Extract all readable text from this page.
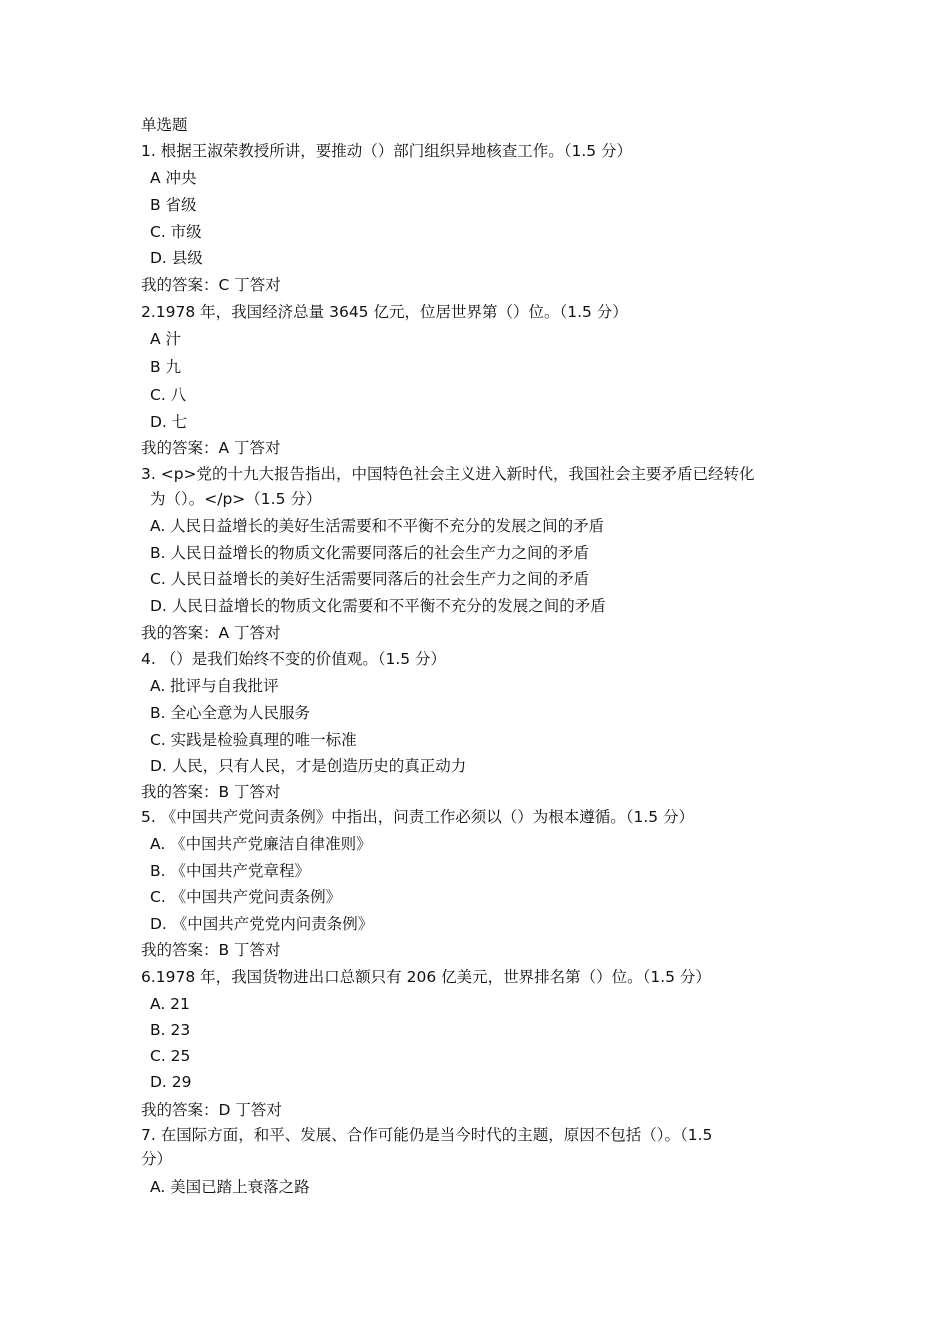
单选题
1. 根据王淑荣教授所讲，要推动（）部门组织异地核查工作。（1.5 分）
A 冲央
B 省级
C. 市级
D. 县级
我的答案：C 丁答对
2.1978 年，我国经济总量 3645 亿元，位居世界第（）位。（1.5 分）
A 汁
B 九
C. 八
D. 七
我的答案：A 丁答对
3. <p>党的十九大报告指出，中国特色社会主义进入新时代，我国社会主要矛盾已经转化
为（）。</p>（1.5 分）
A. 人民日益增长的美好生活需要和不平衡不充分的发展之间的矛盾
B. 人民日益增长的物质文化需要同落后的社会生产力之间的矛盾
C. 人民日益增长的美好生活需要同落后的社会生产力之间的矛盾
D. 人民日益增长的物质文化需要和不平衡不充分的发展之间的矛盾
我的答案：A 丁答对
4. （）是我们始终不变的价值观。（1.5 分）
A. 批评与自我批评
B. 全心全意为人民服务
C. 实践是检验真理的唯一标准
D. 人民，只有人民，才是创造历史的真正动力
我的答案：B 丁答对
5. 《中国共产党问责条例》中指出，问责工作必须以（）为根本遵循。（1.5 分）
A. 《中国共产党廉洁自律准则》
B. 《中国共产党章程》
C. 《中国共产党问责条例》
D. 《中国共产党党内问责条例》
我的答案：B 丁答对
6.1978 年，我国货物进出口总额只有 206 亿美元，世界排名第（）位。（1.5 分）
A. 21
B. 23
C. 25
D. 29
我的答案：D 丁答对
7. 在国际方面，和平、发展、合作可能仍是当今时代的主题，原因不包括（）。（1.5
分）
A. 美国已踏上衰落之路
